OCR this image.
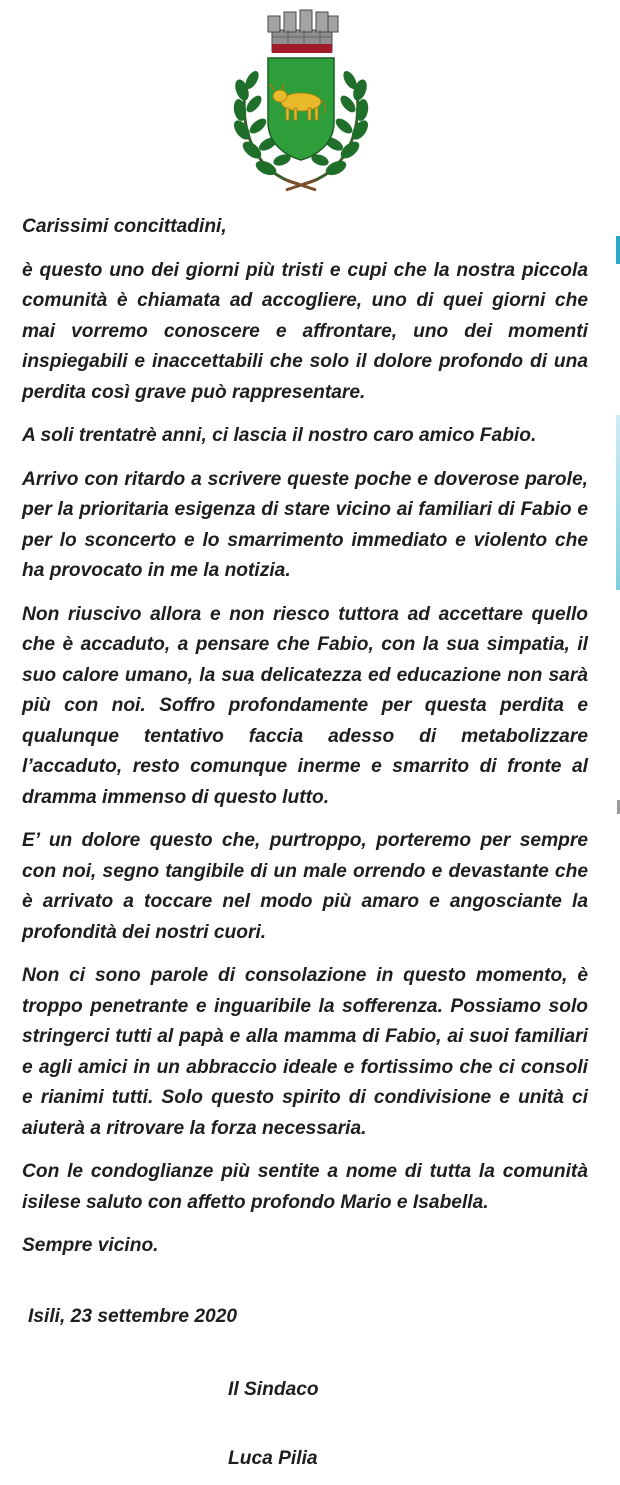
Carissimi concittadini,

è questo uno dei giorni più tristi e cupi che la nostra piccola comunità è chiamata ad accogliere, uno di quei giorni che mai vorremo conoscere e affrontare, uno dei momenti inspiegabili e inaccettabili che solo il dolore profondo di una perdita così grave può rappresentare.

A soli trentatrè anni, ci lascia il nostro caro amico Fabio.

Arrivo con ritardo a scrivere queste poche e doverose parole, per la prioritaria esigenza di stare vicino ai familiari di Fabio e per lo sconcerto e lo smarrimento immediato e violento che ha provocato in me la notizia.

Non riuscivo allora e non riesco tuttora ad accettare quello che è accaduto, a pensare che Fabio, con la sua simpatia, il suo calore umano, la sua delicatezza ed educazione non sarà più con noi. Soffro profondamente per questa perdita e qualunque tentativo faccia adesso di metabolizzare l’accaduto, resto comunque inerme e smarrito di fronte al dramma immenso di questo lutto.

E’ un dolore questo che, purtroppo, porteremo per sempre con noi, segno tangibile di un male orrendo e devastante che è arrivato a toccare nel modo più amaro e angosciante la profondità dei nostri cuori.

Non ci sono parole di consolazione in questo momento, è troppo penetrante e inguaribile la sofferenza. Possiamo solo stringerci tutti al papà e alla mamma di Fabio, ai suoi familiari e agli amici in un abbraccio ideale e fortissimo che ci consoli e rianimi tutti. Solo questo spirito di condivisione e unità ci aiuterà a ritrovare la forza necessaria.

Con le condoglianze più sentite a nome di tutta la comunità isilese saluto con affetto profondo Mario e Isabella.

Sempre vicino.

Isili, 23 settembre 2020
Il Sindaco
Luca Pilia
